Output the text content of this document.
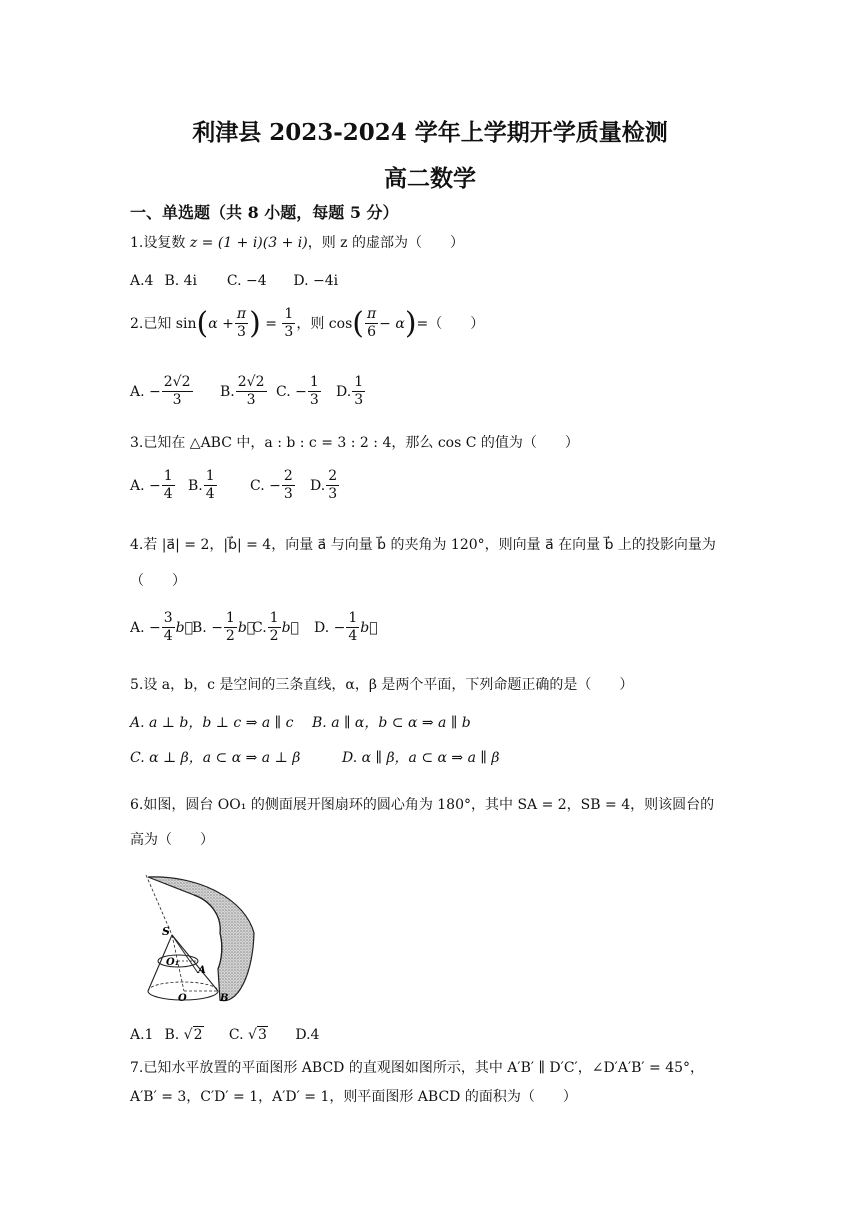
利津县 2023-2024 学年上学期开学质量检测
高二数学
一、单选题（共 8 小题，每题 5 分）
1.设复数 z = (1 + i)(3 + i)，则 z 的虚部为（　　）
A.4 B. 4i C. −4 D. −4i
2.已知 sin ( $\alpha + \frac{\pi}{3}$ ) = $\frac{1}{3}$ ，则 cos ( $\frac{\pi}{6} - \alpha$ ) =（　　）
A. − $\frac{2√2}{3} B$. $\frac{2√2}{3} C$. − $\frac{1}{3} D$. $\frac{1}{3}$
3.已知在 △ABC 中，a : b : c = 3 : 2 : 4，那么 cos C 的值为（　　）
A. − $\frac{1}{4} B$. $\frac{1}{4} C$. − $\frac{2}{3} D$. $\frac{2}{3}$
4.若 |a⃗| = 2，|b⃗| = 4，向量 a⃗ 与向量 b⃗ 的夹角为 120°，则向量 a⃗ 在向量 b⃗ 上的投影向量为
（　　）
A. − $\frac{3}{4}$ b⃗
B. − $\frac{1}{2}$ b⃗
C. $\frac{1}{2}$ b⃗ D. − $\frac{1}{4}$ b⃗
5.设 a，b，c 是空间的三条直线，α，β 是两个平面，下列命题正确的是（　　）
A. a ⊥ b，b ⊥ c ⇒ a ∥ c B. a ∥ α，b ⊂ α ⇒ a ∥ b
C. α ⊥ β，a ⊂ α ⇒ a ⊥ β	D. α ∥ β，a ⊂ α ⇒ a ∥ β
6.如图，圆台 OO₁ 的侧面展开图扇环的圆心角为 180°，其中 SA = 2，SB = 4，则该圆台的
高为（　　）
S
O₁
A
O	B
A.1 B. √2 C. √3 D.4
7.已知水平放置的平面图形 ABCD 的直观图如图所示，其中 A′B′ ∥ D′C′，∠D′A′B′ = 45°，
A′B′ = 3，C′D′ = 1，A′D′ = 1，则平面图形 ABCD 的面积为（　　）
